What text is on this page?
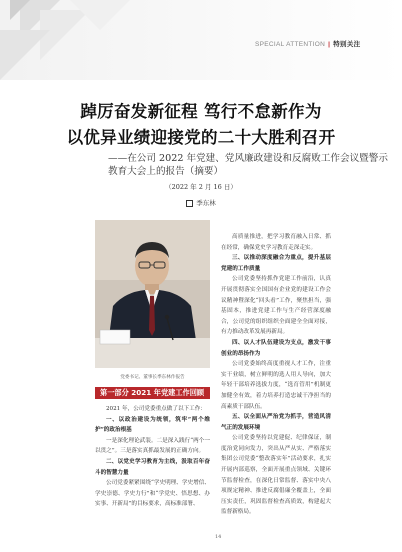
SPECIAL ATTENTION | 特别关注
踔厉奋发新征程 笃行不怠新作为
以优异业绩迎接党的二十大胜利召开
——在公司 2022 年党建、党风廉政建设和反腐败工作会议暨警示教育大会上的报告（摘要）
（2022 年 2 月 16 日）
季东林
党委书记、董事长季东林作报告
第一部分 2021 年党建工作回顾

2021 年，公司党委重点做了以下工作：

一、以政治建设为统领，筑牢“两个维护”的政治根基

一是深化理论武装。二是深入践行“两个一以贯之”。三是落实真抓最发展的正确方向。

二、以党史学习教育为主线，汲取百年奋斗的智慧力量

公司党委紧紧围绕“学史明理、学史增信、学史崇德、学史力行”和“学党史、悟思想、办实事、开新局”的目标要求，高标准部署、

高质量推进，把学习教育融入日常、抓在经常，确保党史学习教育走深走实。

三、以推动深度融合为重点，提升基层党建的工作质量

公司党委坚持抓作党建工作前沿，认真开展贯彻落实全国国有企业党的建设工作会议精神暨深化“回头看”工作，聚焦担当，强基固本，推进党建工作与生产经营深度融合，公司党的组织组织全面建全全面对接，有力推动改革发展再新局。

四、以人才队伍建设为支点，激发干事创业的昂扬作为

公司党委始终高度重视人才工作，注重实干业绩，树立鲜明的选人用人导向，加大年轻干部培养选拔力度，“选育管用”机制更加健全有效，着力培养打造忠诚干净担当的高素质干部队伍。

五、以全面从严治党为抓手，营造风清气正的发展环境

公司党委坚持以党建促、纪律保证，制度治党同向发力，突出从严从实、严格落实集团公司党委“整改落实年”活动要求，扎实开展内部巡察，全面开展重点领域、关键环节监督检查，在深化日常监督、落实中央八项规定精神、推进反腐倡廉全覆盖上，全面压实责任，巩固监督检查高质效，构建起大监督新格局。

14
